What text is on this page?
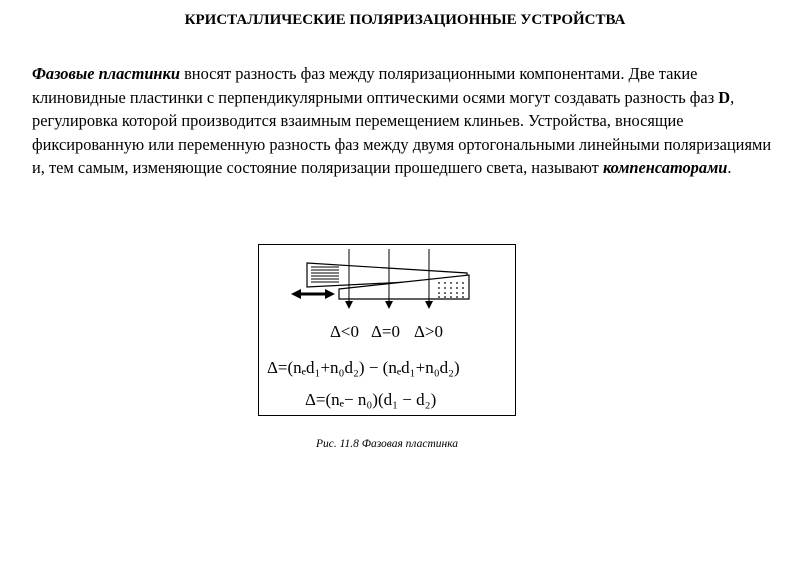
КРИСТАЛЛИЧЕСКИЕ ПОЛЯРИЗАЦИОННЫЕ УСТРОЙСТВА
Фазовые пластинки вносят разность фаз между поляризационными компонентами. Две такие клиновидные пластинки с перпендикулярными оптическими осями могут создавать разность фаз D, регулировка которой производится взаимным перемещением клиньев. Устройства, вносящие фиксированную или переменную разность фаз между двумя ортогональными линейными поляризациями и, тем самым, изменяющие состояние поляризации прошедшего света, называют компенсаторами.
Δ<0 Δ=0 Δ>0
Δ=(nₑd₁+n₀d₂) − (nₑd₁+n₀d₂)
Δ=(nₑ− n₀)(d₁ − d₂)
Рис. 11.8 Фазовая пластинка
